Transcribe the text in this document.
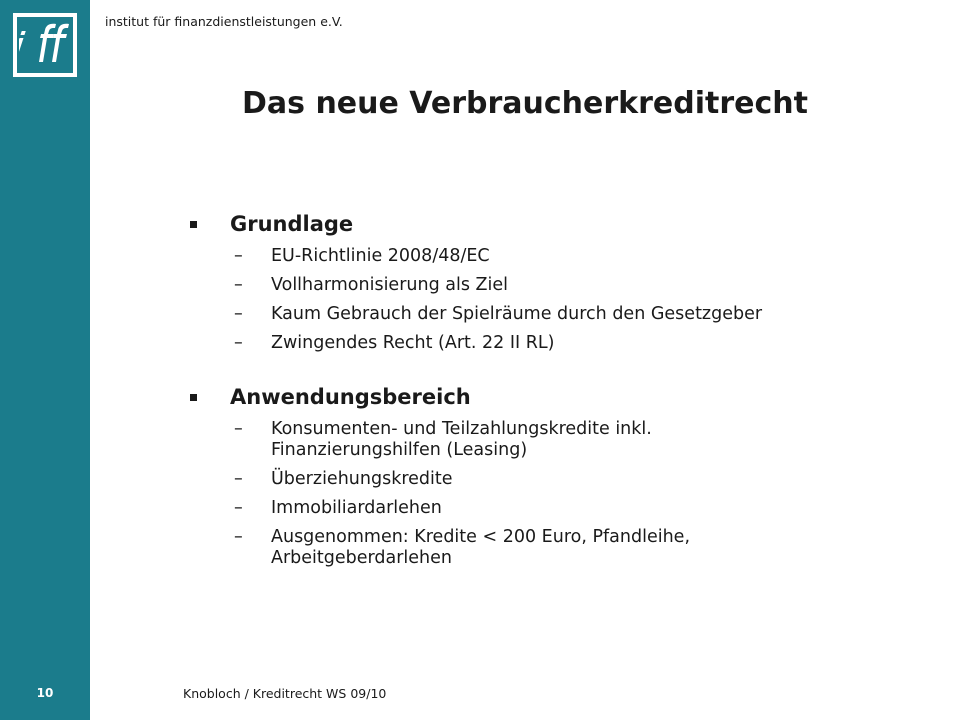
institut für finanzdienstleistungen e.V.
Das neue Verbraucherkreditrecht
Grundlage
– EU-Richtlinie 2008/48/EC
– Vollharmonisierung als Ziel
– Kaum Gebrauch der Spielräume durch den Gesetzgeber
– Zwingendes Recht (Art. 22 II RL)
Anwendungsbereich
– Konsumenten- und Teilzahlungskredite inkl.
Finanzierungshilfen (Leasing)
– Überziehungskredite
– Immobiliardarlehen
– Ausgenommen: Kredite < 200 Euro, Pfandleihe,
Arbeitgeberdarlehen
10	Knobloch / Kreditrecht WS 09/10
